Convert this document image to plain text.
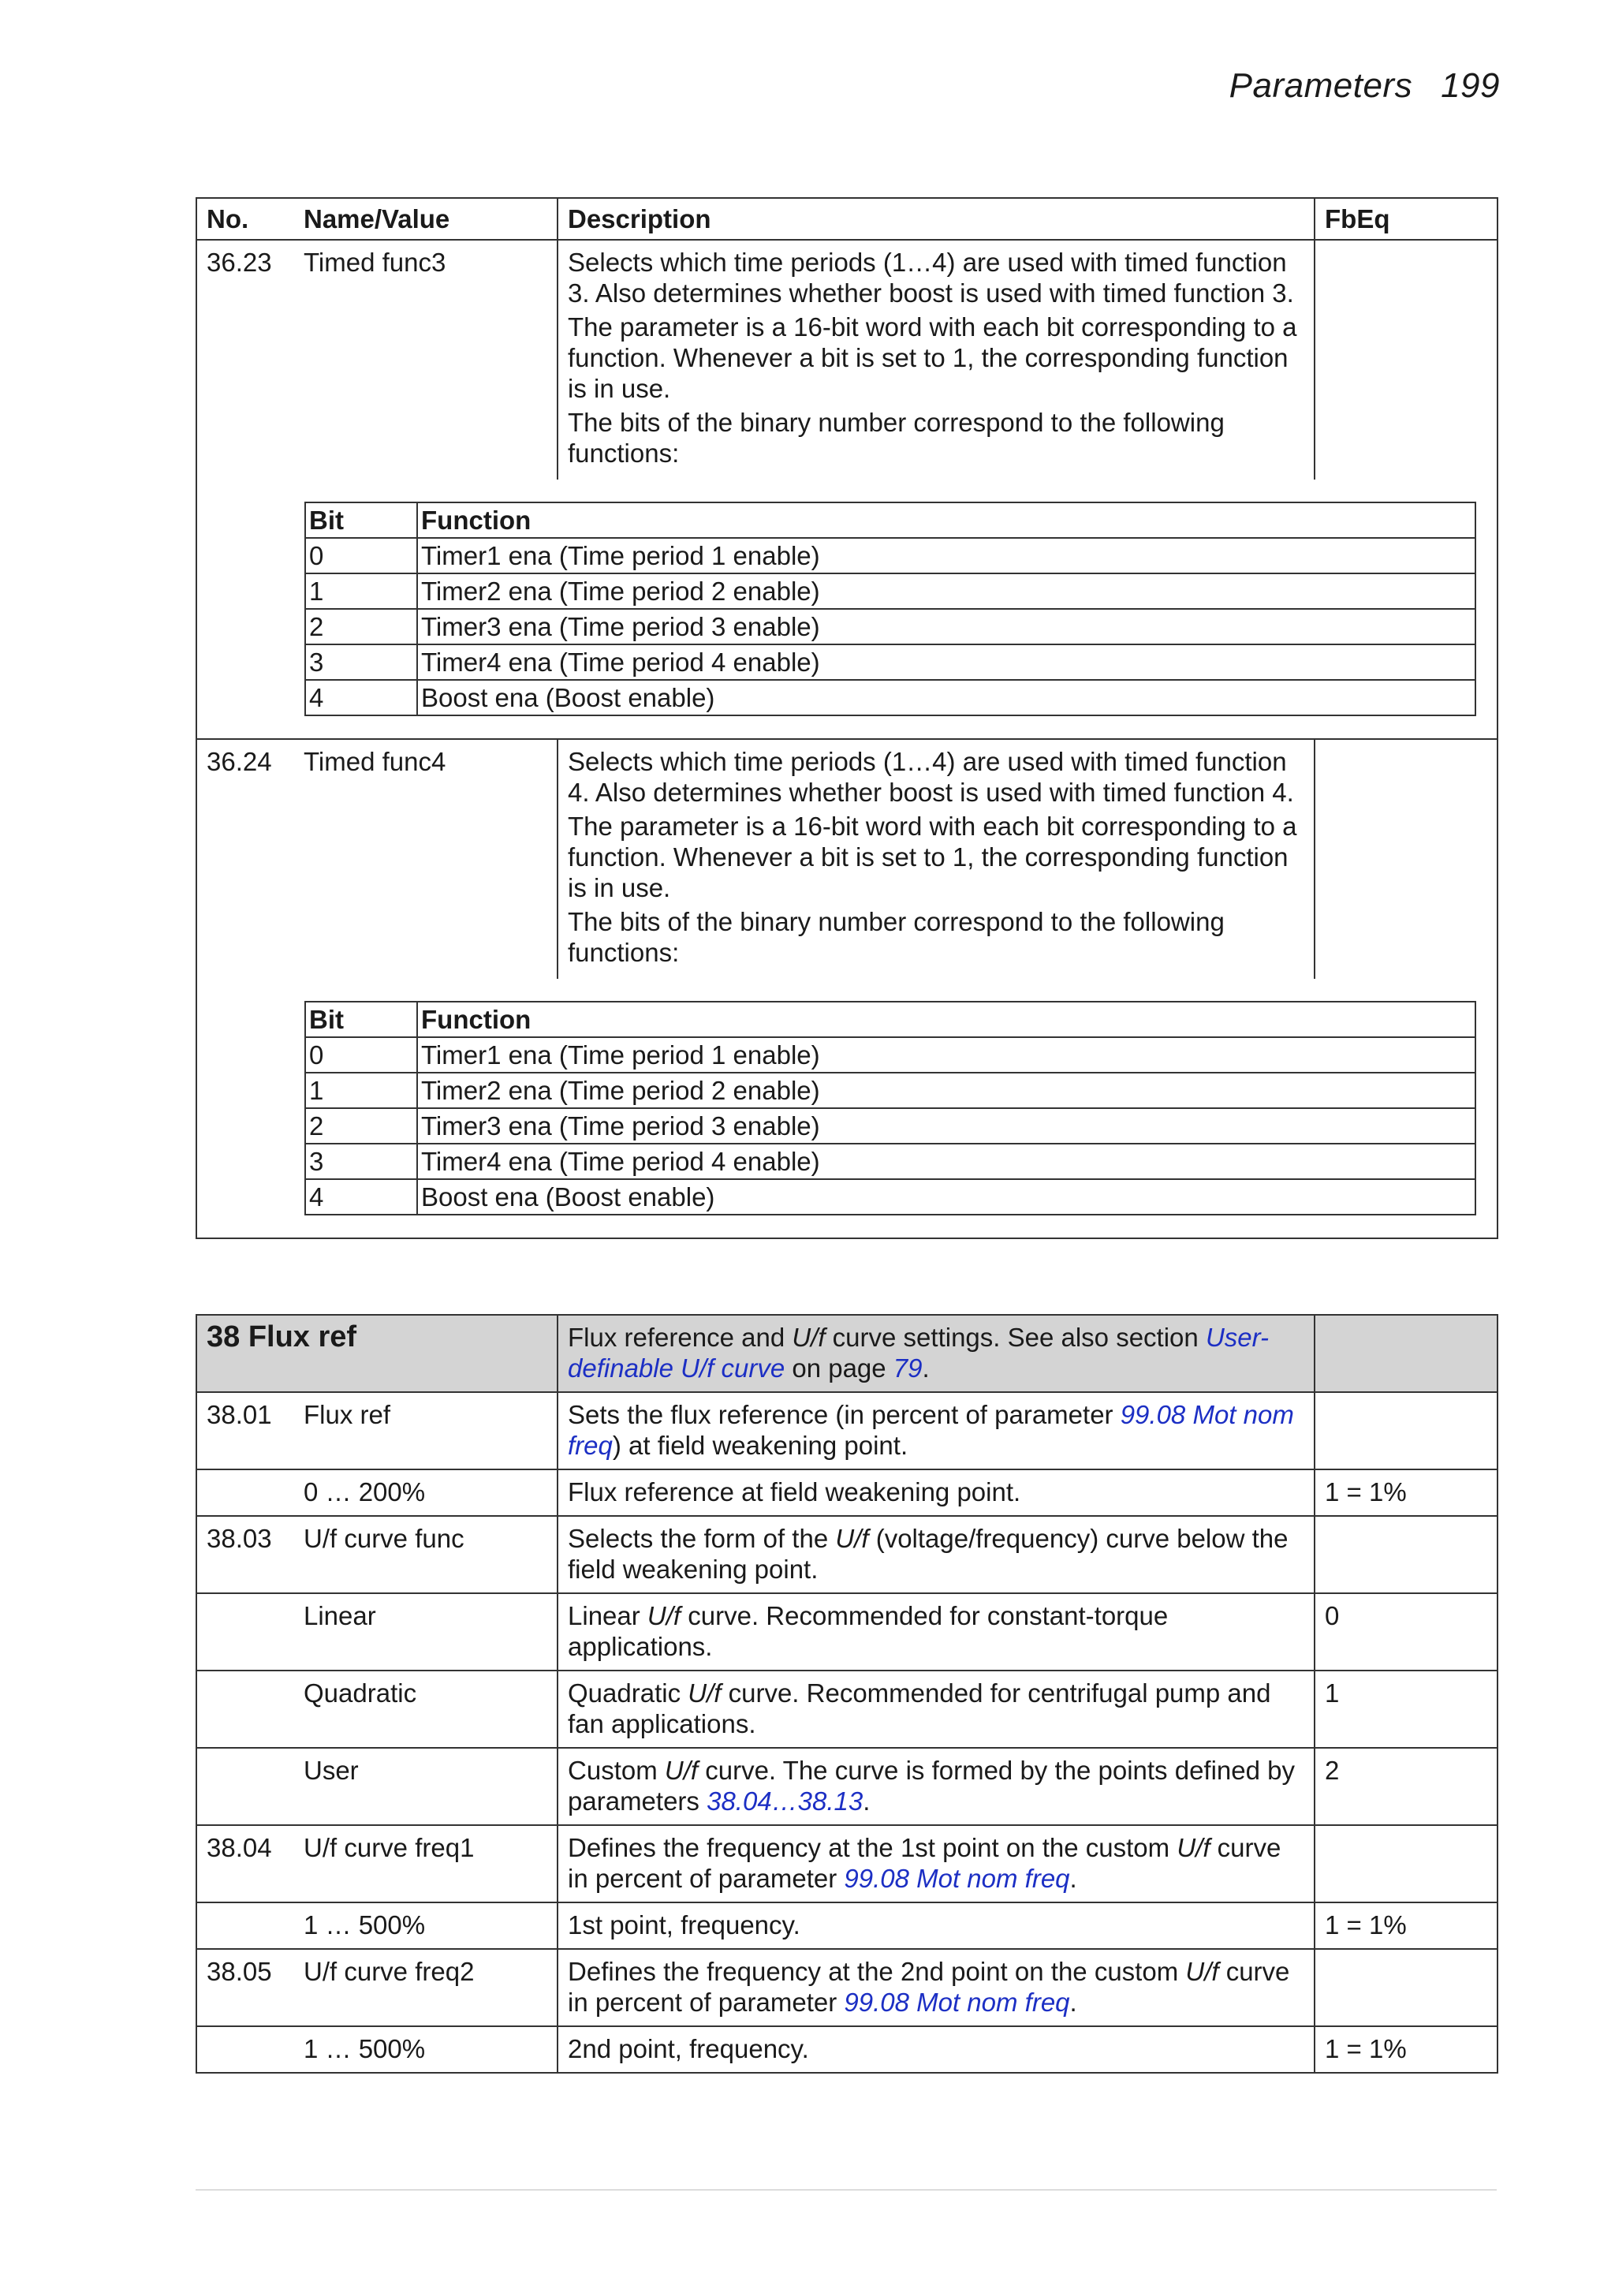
Parameters 199
No.	Name/Value	Description	FbEq
36.23	Timed func3	Selects which time periods (1…4) are used with timed function 3. Also determines whether boost is used with timed function 3.

The parameter is a 16-bit word with each bit corresponding to a function. Whenever a bit is set to 1, the corresponding function is in use.

The bits of the binary number correspond to the following functions:

Bit	Function
0	Timer1 ena (Time period 1 enable)
1	Timer2 ena (Time period 2 enable)
2	Timer3 ena (Time period 3 enable)
3	Timer4 ena (Time period 4 enable)
4	Boost ena (Boost enable)

36.24	Timed func4	Selects which time periods (1…4) are used with timed function 4. Also determines whether boost is used with timed function 4.

The parameter is a 16-bit word with each bit corresponding to a function. Whenever a bit is set to 1, the corresponding function is in use.

The bits of the binary number correspond to the following functions:

Bit	Function
0	Timer1 ena (Time period 1 enable)
1	Timer2 ena (Time period 2 enable)
2	Timer3 ena (Time period 3 enable)
3	Timer4 ena (Time period 4 enable)
4	Boost ena (Boost enable)
38 Flux ref		Flux reference and U/f curve settings. See also section User-definable U/f curve on page 79.	
38.01	Flux ref	Sets the flux reference (in percent of parameter 99.08 Mot nom freq) at field weakening point.	
	0 … 200%	Flux reference at field weakening point.	1 = 1%
38.03	U/f curve func	Selects the form of the U/f (voltage/frequency) curve below the field weakening point.	
	Linear	Linear U/f curve. Recommended for constant-torque applications.	0
	Quadratic	Quadratic U/f curve. Recommended for centrifugal pump and fan applications.	1
	User	Custom U/f curve. The curve is formed by the points defined by parameters 38.04…38.13.	2
38.04	U/f curve freq1	Defines the frequency at the 1st point on the custom U/f curve in percent of parameter 99.08 Mot nom freq.	
	1 … 500%	1st point, frequency.	1 = 1%
38.05	U/f curve freq2	Defines the frequency at the 2nd point on the custom U/f curve in percent of parameter 99.08 Mot nom freq.	
	1 … 500%	2nd point, frequency.	1 = 1%
